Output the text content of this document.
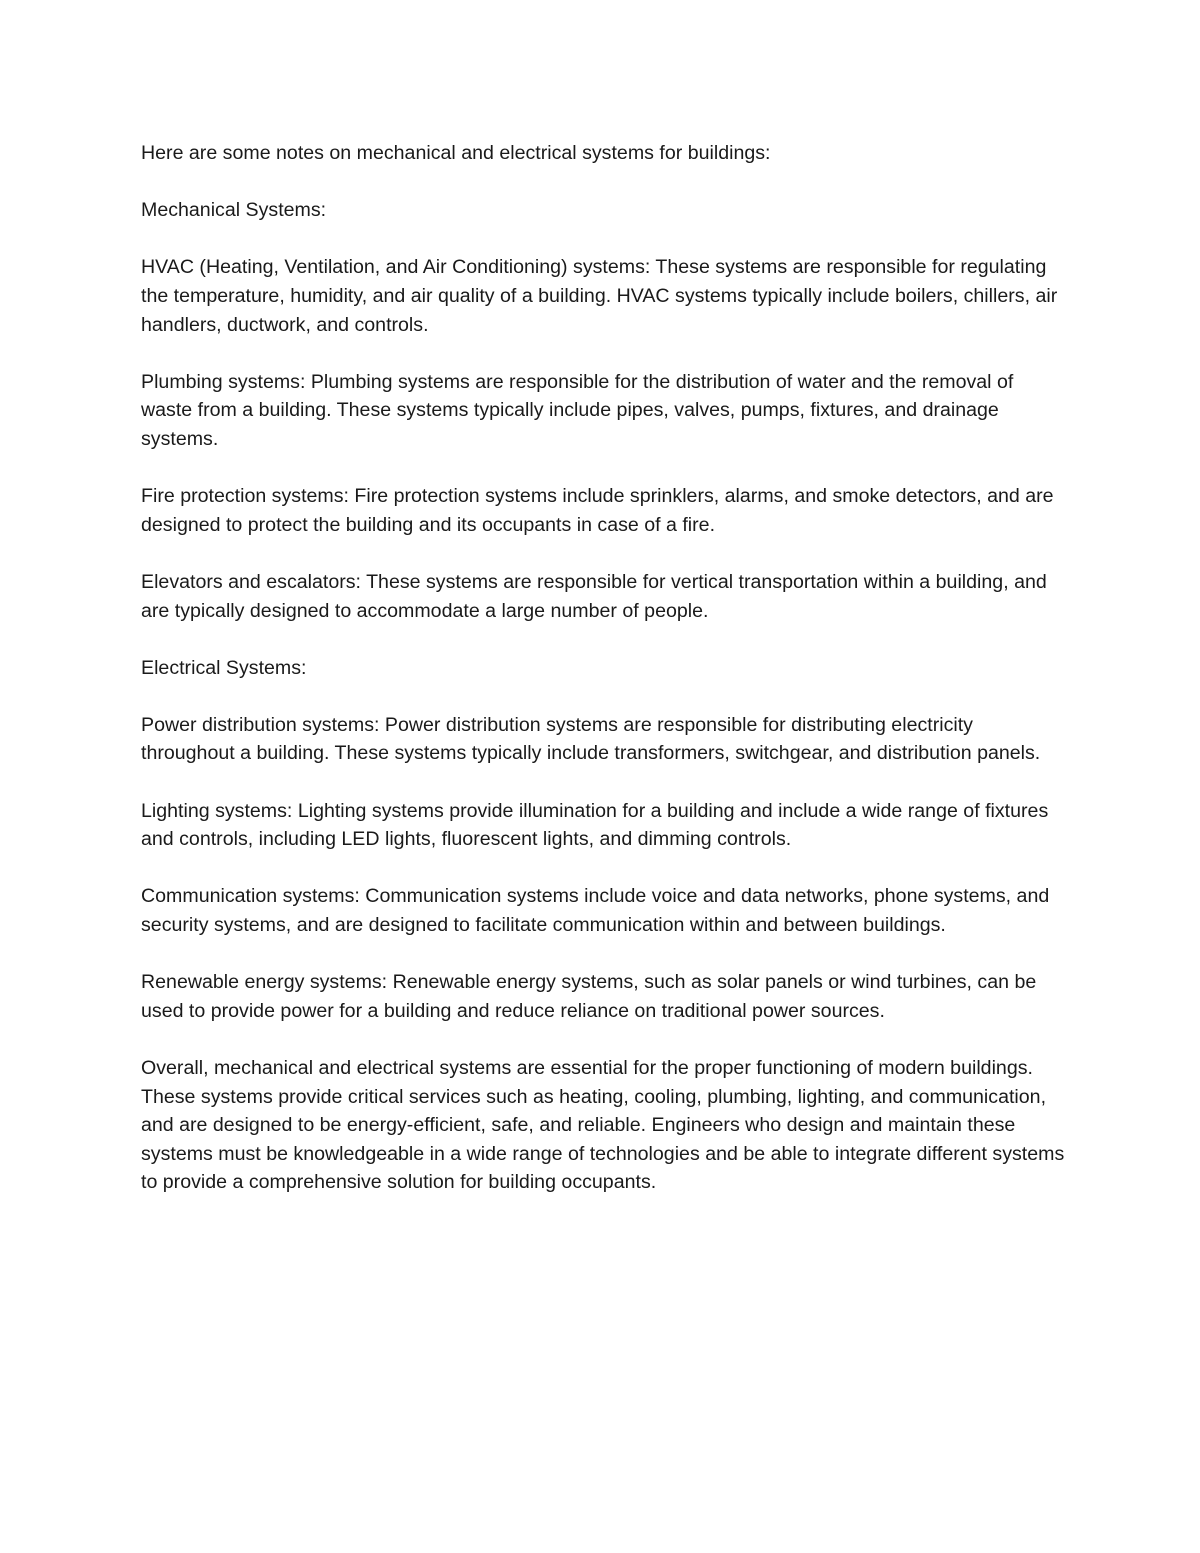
Here are some notes on mechanical and electrical systems for buildings:

Mechanical Systems:

HVAC (Heating, Ventilation, and Air Conditioning) systems: These systems are responsible for regulating the temperature, humidity, and air quality of a building. HVAC systems typically include boilers, chillers, air handlers, ductwork, and controls.

Plumbing systems: Plumbing systems are responsible for the distribution of water and the removal of waste from a building. These systems typically include pipes, valves, pumps, fixtures, and drainage systems.

Fire protection systems: Fire protection systems include sprinklers, alarms, and smoke detectors, and are designed to protect the building and its occupants in case of a fire.

Elevators and escalators: These systems are responsible for vertical transportation within a building, and are typically designed to accommodate a large number of people.

Electrical Systems:

Power distribution systems: Power distribution systems are responsible for distributing electricity throughout a building. These systems typically include transformers, switchgear, and distribution panels.

Lighting systems: Lighting systems provide illumination for a building and include a wide range of fixtures and controls, including LED lights, fluorescent lights, and dimming controls.

Communication systems: Communication systems include voice and data networks, phone systems, and security systems, and are designed to facilitate communication within and between buildings.

Renewable energy systems: Renewable energy systems, such as solar panels or wind turbines, can be used to provide power for a building and reduce reliance on traditional power sources.

Overall, mechanical and electrical systems are essential for the proper functioning of modern buildings. These systems provide critical services such as heating, cooling, plumbing, lighting, and communication, and are designed to be energy-efficient, safe, and reliable. Engineers who design and maintain these systems must be knowledgeable in a wide range of technologies and be able to integrate different systems to provide a comprehensive solution for building occupants.
